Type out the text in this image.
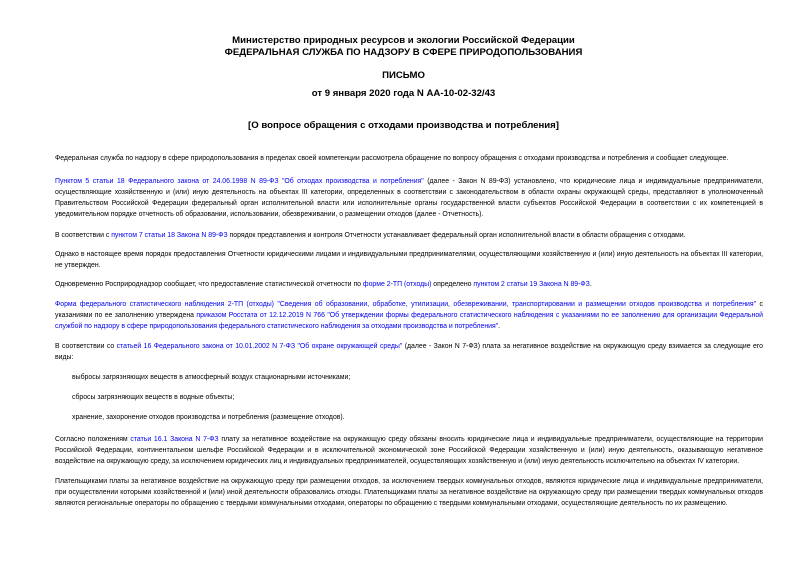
Министерство природных ресурсов и экологии Российской Федерации
ФЕДЕРАЛЬНАЯ СЛУЖБА ПО НАДЗОРУ В СФЕРЕ ПРИРОДОПОЛЬЗОВАНИЯ
ПИСЬМО
от 9 января 2020 года N АА-10-02-32/43
[О вопросе обращения с отходами производства и потребления]

Федеральная служба по надзору в сфере природопользования в пределах своей компетенции рассмотрела обращение по вопросу обращения с отходами производства и потребления и сообщает следующее.

Пунктом 5 статьи 18 Федерального закона от 24.06.1998 N 89-ФЗ "Об отходах производства и потребления" (далее - Закон N 89-ФЗ) установлено, что юридические лица и индивидуальные предприниматели, осуществляющие хозяйственную и (или) иную деятельность на объектах III категории, определенных в соответствии с законодательством в области охраны окружающей среды, представляют в уполномоченный Правительством Российской Федерации федеральный орган исполнительной власти или исполнительные органы государственной власти субъектов Российской Федерации в соответствии с их компетенцией в уведомительном порядке отчетность об образовании, использовании, обезвреживании, о размещении отходов (далее - Отчетность).

В соответствии с пунктом 7 статьи 18 Закона N 89-ФЗ порядок представления и контроля Отчетности устанавливает федеральный орган исполнительной власти в области обращения с отходами.

Однако в настоящее время порядок предоставления Отчетности юридическими лицами и индивидуальными предпринимателями, осуществляющими хозяйственную и (или) иную деятельность на объектах III категории, не утвержден.

Одновременно Росприроднадзор сообщает, что предоставление статистической отчетности по форме 2-ТП (отходы) определено пунктом 2 статьи 19 Закона N 89-ФЗ.

Форма федерального статистического наблюдения 2-ТП (отходы) "Сведения об образовании, обработке, утилизации, обезвреживании, транспортировании и размещении отходов производства и потребления" с указаниями по ее заполнению утверждена приказом Росстата от 12.12.2019 N 766 "Об утверждении формы федерального статистического наблюдения с указаниями по ее заполнению для организации Федеральной службой по надзору в сфере природопользования федерального статистического наблюдения за отходами производства и потребления".

В соответствии со статьей 16 Федерального закона от 10.01.2002 N 7-ФЗ "Об охране окружающей среды" (далее - Закон N 7-ФЗ) плата за негативное воздействие на окружающую среду взимается за следующие его виды:

выбросы загрязняющих веществ в атмосферный воздух стационарными источниками;
сбросы загрязняющих веществ в водные объекты;
хранение, захоронение отходов производства и потребления (размещение отходов).

Согласно положениям статьи 16.1 Закона N 7-ФЗ плату за негативное воздействие на окружающую среду обязаны вносить юридические лица и индивидуальные предприниматели, осуществляющие на территории Российской Федерации, континентальном шельфе Российской Федерации и в исключительной экономической зоне Российской Федерации хозяйственную и (или) иную деятельность, оказывающую негативное воздействие на окружающую среду, за исключением юридических лиц и индивидуальных предпринимателей, осуществляющих хозяйственную и (или) иную деятельность исключительно на объектах IV категории.

Плательщиками платы за негативное воздействие на окружающую среду при размещении отходов, за исключением твердых коммунальных отходов, являются юридические лица и индивидуальные предприниматели, при осуществлении которыми хозяйственной и (или) иной деятельности образовались отходы. Плательщиками платы за негативное воздействие на окружающую среду при размещении твердых коммунальных отходов являются региональные операторы по обращению с твердыми коммунальными отходами, операторы по обращению с твердыми коммунальными отходами, осуществляющие деятельность по их размещению.
